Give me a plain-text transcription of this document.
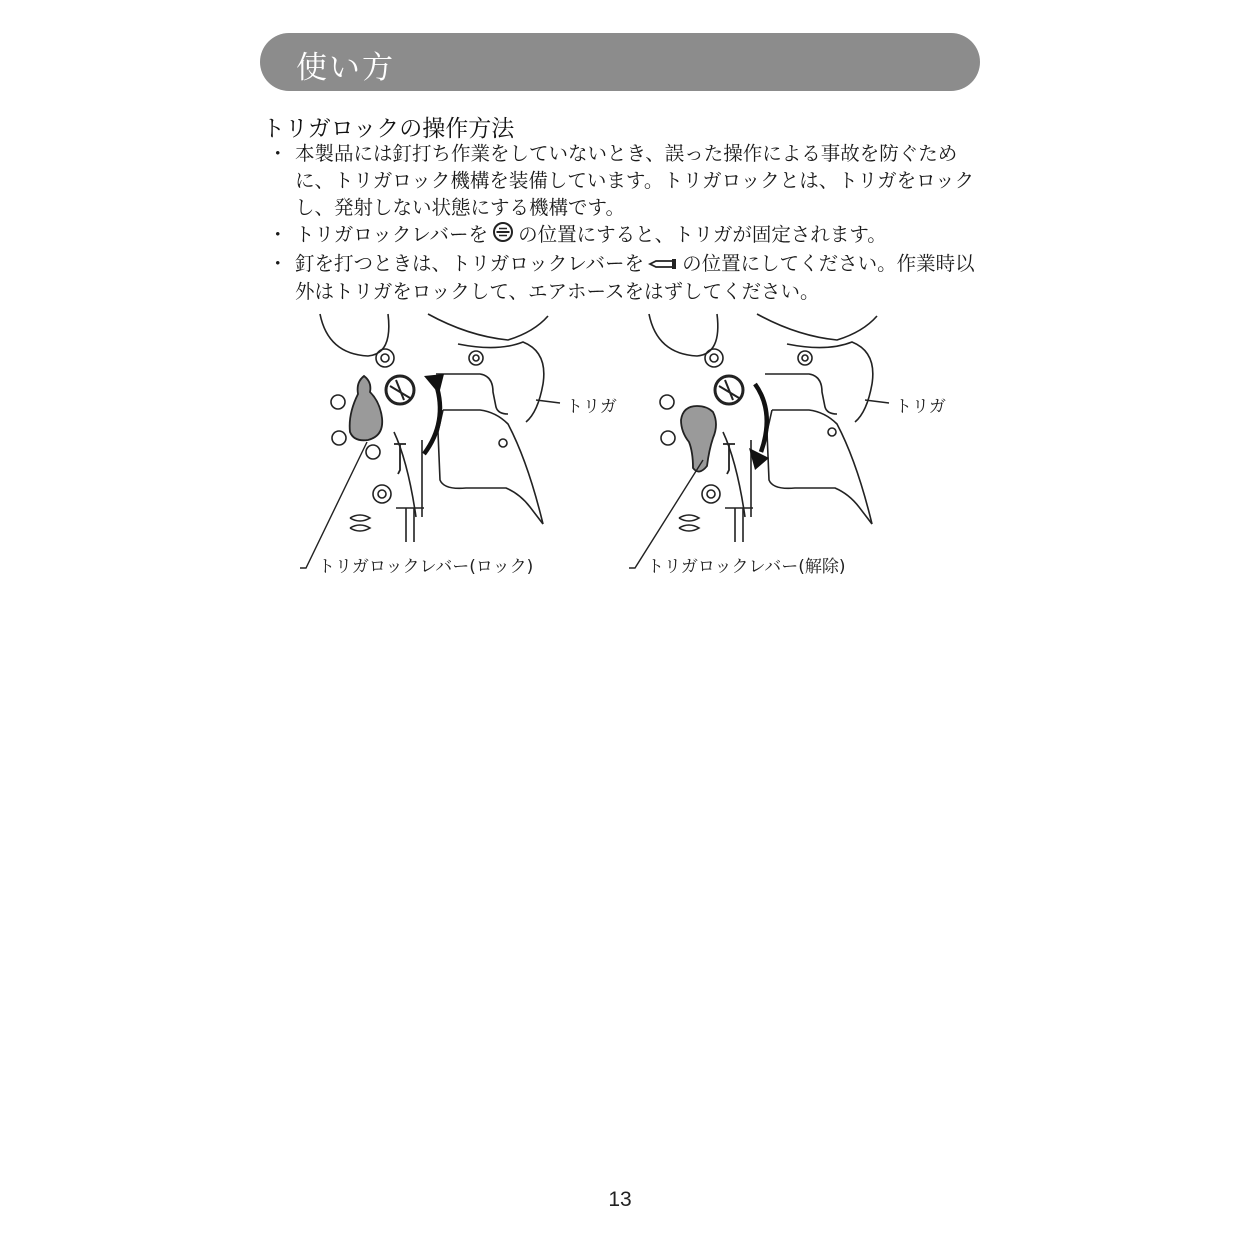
使い方
トリガロックの操作方法
・ 本製品には釘打ち作業をしていないとき、誤った操作による事故を防ぐために、トリガロック機構を装備しています。トリガロックとは、トリガをロックし、発射しない状態にする機構です。
・ トリガロックレバーを の位置にすると、トリガが固定されます。
・ 釘を打つときは、トリガロックレバーを の位置にしてください。作業時以外はトリガをロックして、エアホースをはずしてください。
トリガ
トリガロックレバー(ロック)
トリガ
トリガロックレバー(解除)
13
